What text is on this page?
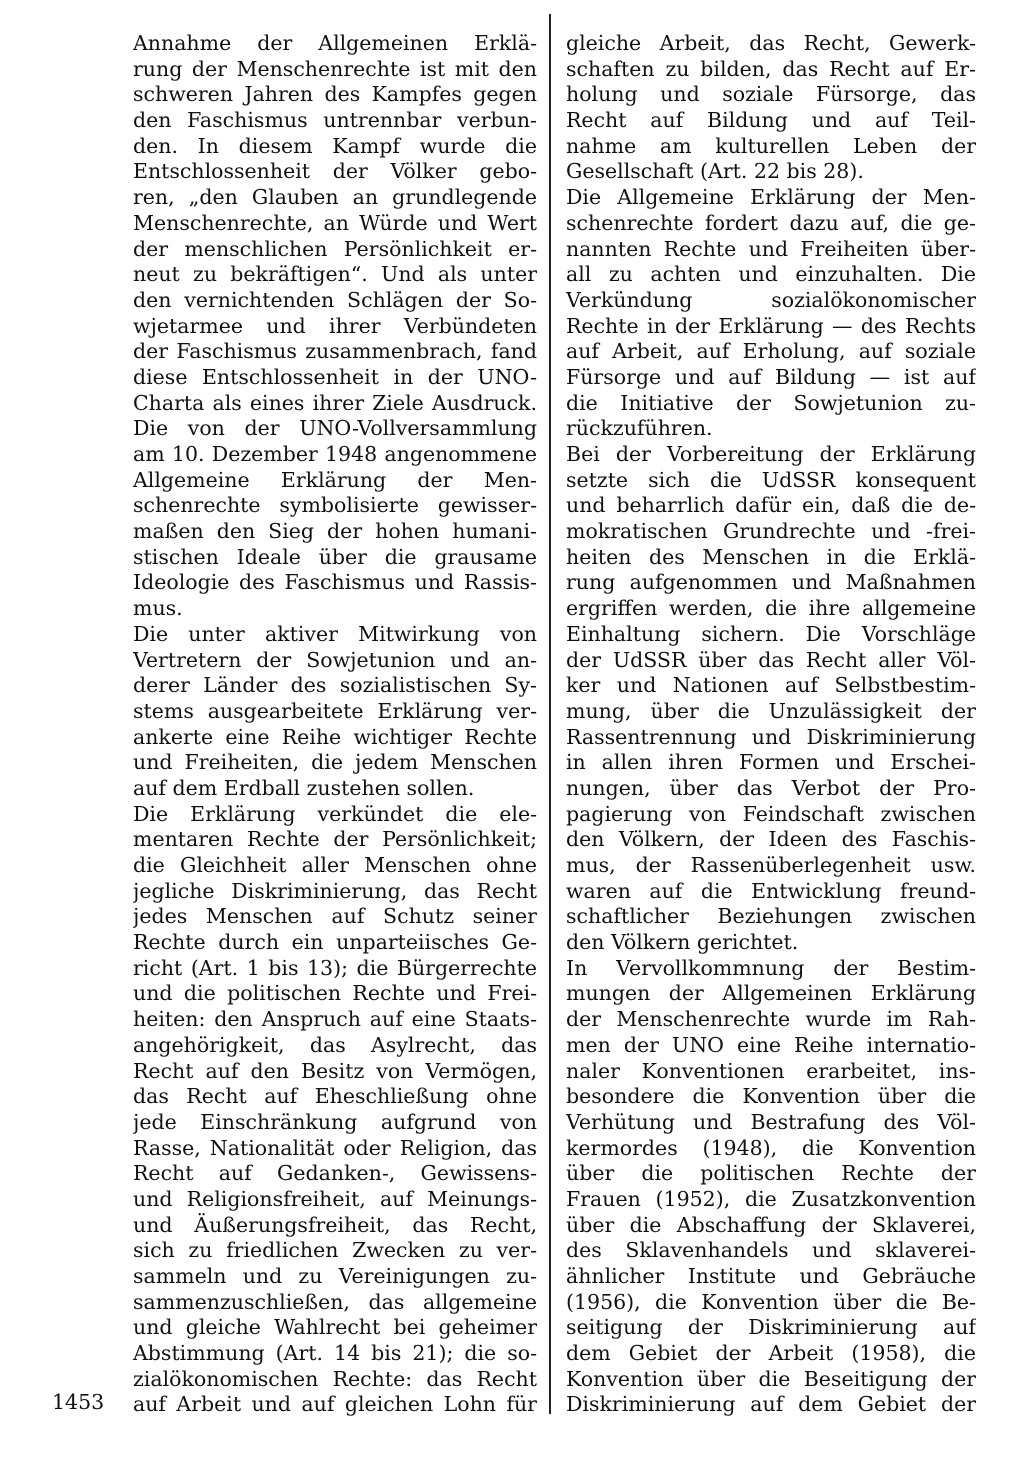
Annahme der Allgemeinen Erklä-
rung der Menschenrechte ist mit den
schweren Jahren des Kampfes gegen
den Faschismus untrennbar verbun-
den. In diesem Kampf wurde die
Entschlossenheit der Völker gebo-
ren, „den Glauben an grundlegende
Menschenrechte, an Würde und Wert
der menschlichen Persönlichkeit er-
neut zu bekräftigen“. Und als unter
den vernichtenden Schlägen der So-
wjetarmee und ihrer Verbündeten
der Faschismus zusammenbrach, fand
diese Entschlossenheit in der UNO-
Charta als eines ihrer Ziele Ausdruck.
Die von der UNO-Vollversammlung
am 10. Dezember 1948 angenommene
Allgemeine Erklärung der Men-
schenrechte symbolisierte gewisser-
maßen den Sieg der hohen humani-
stischen Ideale über die grausame
Ideologie des Faschismus und Rassis-
mus.
Die unter aktiver Mitwirkung von
Vertretern der Sowjetunion und an-
derer Länder des sozialistischen Sy-
stems ausgearbeitete Erklärung ver-
ankerte eine Reihe wichtiger Rechte
und Freiheiten, die jedem Menschen
auf dem Erdball zustehen sollen.
Die Erklärung verkündet die ele-
mentaren Rechte der Persönlichkeit;
die Gleichheit aller Menschen ohne
jegliche Diskriminierung, das Recht
jedes Menschen auf Schutz seiner
Rechte durch ein unparteiisches Ge-
richt (Art. 1 bis 13); die Bürgerrechte
und die politischen Rechte und Frei-
heiten: den Anspruch auf eine Staats-
angehörigkeit, das Asylrecht, das
Recht auf den Besitz von Vermögen,
das Recht auf Eheschließung ohne
jede Einschränkung aufgrund von
Rasse, Nationalität oder Religion, das
Recht auf Gedanken-, Gewissens-
und Religionsfreiheit, auf Meinungs-
und Äußerungsfreiheit, das Recht,
sich zu friedlichen Zwecken zu ver-
sammeln und zu Vereinigungen zu-
sammenzuschließen, das allgemeine
und gleiche Wahlrecht bei geheimer
Abstimmung (Art. 14 bis 21); die so-
zialökonomischen Rechte: das Recht
auf Arbeit und auf gleichen Lohn für
gleiche Arbeit, das Recht, Gewerk-
schaften zu bilden, das Recht auf Er-
holung und soziale Fürsorge, das
Recht auf Bildung und auf Teil-
nahme am kulturellen Leben der
Gesellschaft (Art. 22 bis 28).
Die Allgemeine Erklärung der Men-
schenrechte fordert dazu auf, die ge-
nannten Rechte und Freiheiten über-
all zu achten und einzuhalten. Die
Verkündung sozialökonomischer
Rechte in der Erklärung — des Rechts
auf Arbeit, auf Erholung, auf soziale
Fürsorge und auf Bildung — ist auf
die Initiative der Sowjetunion zu-
rückzuführen.
Bei der Vorbereitung der Erklärung
setzte sich die UdSSR konsequent
und beharrlich dafür ein, daß die de-
mokratischen Grundrechte und -frei-
heiten des Menschen in die Erklä-
rung aufgenommen und Maßnahmen
ergriffen werden, die ihre allgemeine
Einhaltung sichern. Die Vorschläge
der UdSSR über das Recht aller Völ-
ker und Nationen auf Selbstbestim-
mung, über die Unzulässigkeit der
Rassentrennung und Diskriminierung
in allen ihren Formen und Erschei-
nungen, über das Verbot der Pro-
pagierung von Feindschaft zwischen
den Völkern, der Ideen des Faschis-
mus, der Rassenüberlegenheit usw.
waren auf die Entwicklung freund-
schaftlicher Beziehungen zwischen
den Völkern gerichtet.
In Vervollkommnung der Bestim-
mungen der Allgemeinen Erklärung
der Menschenrechte wurde im Rah-
men der UNO eine Reihe internatio-
naler Konventionen erarbeitet, ins-
besondere die Konvention über die
Verhütung und Bestrafung des Völ-
kermordes (1948), die Konvention
über die politischen Rechte der
Frauen (1952), die Zusatzkonvention
über die Abschaffung der Sklaverei,
des Sklavenhandels und sklaverei-
ähnlicher Institute und Gebräuche
(1956), die Konvention über die Be-
seitigung der Diskriminierung auf
dem Gebiet der Arbeit (1958), die
Konvention über die Beseitigung der
Diskriminierung auf dem Gebiet der
1453
